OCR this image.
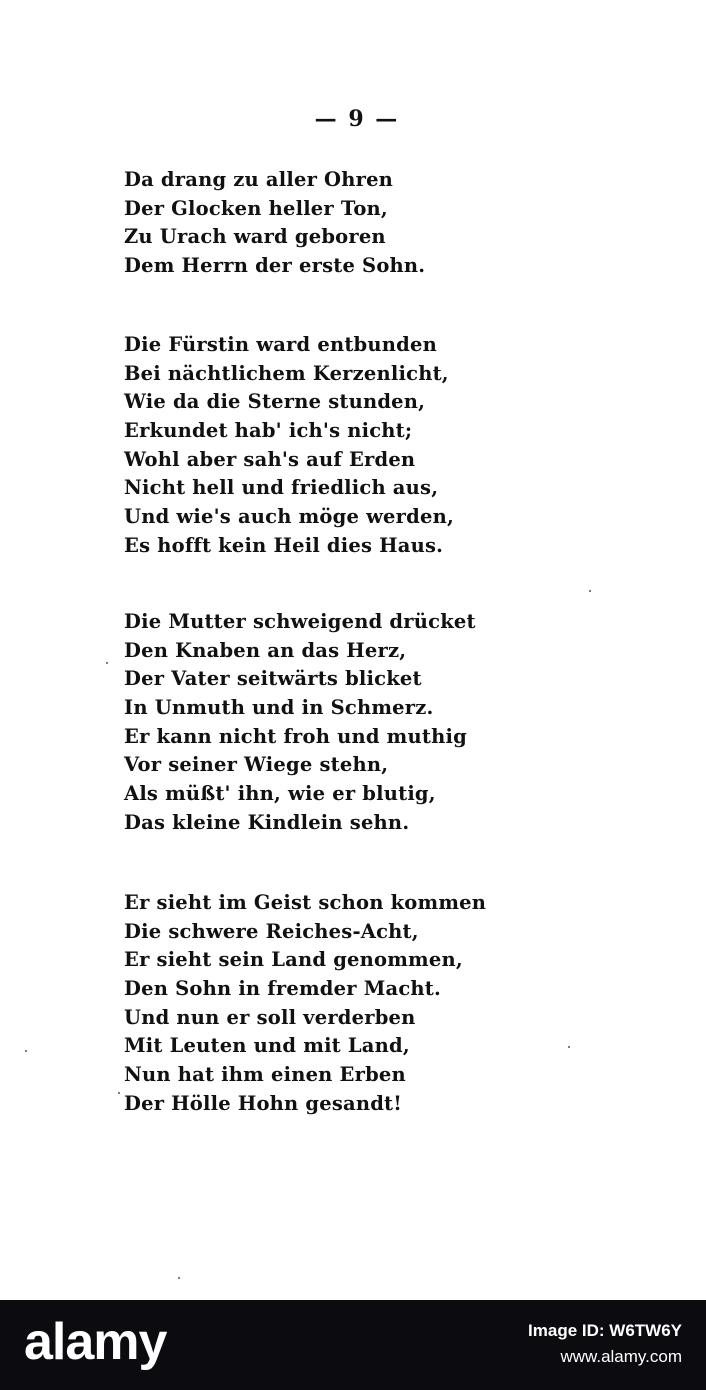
— 9 —
Da drang zu aller Ohren
Der Glocken heller Ton,
Zu Urach ward geboren
Dem Herrn der erste Sohn.
Die Fürstin ward entbunden
Bei nächtlichem Kerzenlicht,
Wie da die Sterne stunden,
Erkundet hab' ich's nicht;
Wohl aber sah's auf Erden
Nicht hell und friedlich aus,
Und wie's auch möge werden,
Es hofft kein Heil dies Haus.
Die Mutter schweigend drücket
Den Knaben an das Herz,
Der Vater seitwärts blicket
In Unmuth und in Schmerz.
Er kann nicht froh und muthig
Vor seiner Wiege stehn,
Als müßt' ihn, wie er blutig,
Das kleine Kindlein sehn.
Er sieht im Geist schon kommen
Die schwere Reiches-Acht,
Er sieht sein Land genommen,
Den Sohn in fremder Macht.
Und nun er soll verderben
Mit Leuten und mit Land,
Nun hat ihm einen Erben
Der Hölle Hohn gesandt!
alamy	Image ID: W6TW6Y
www.alamy.com
